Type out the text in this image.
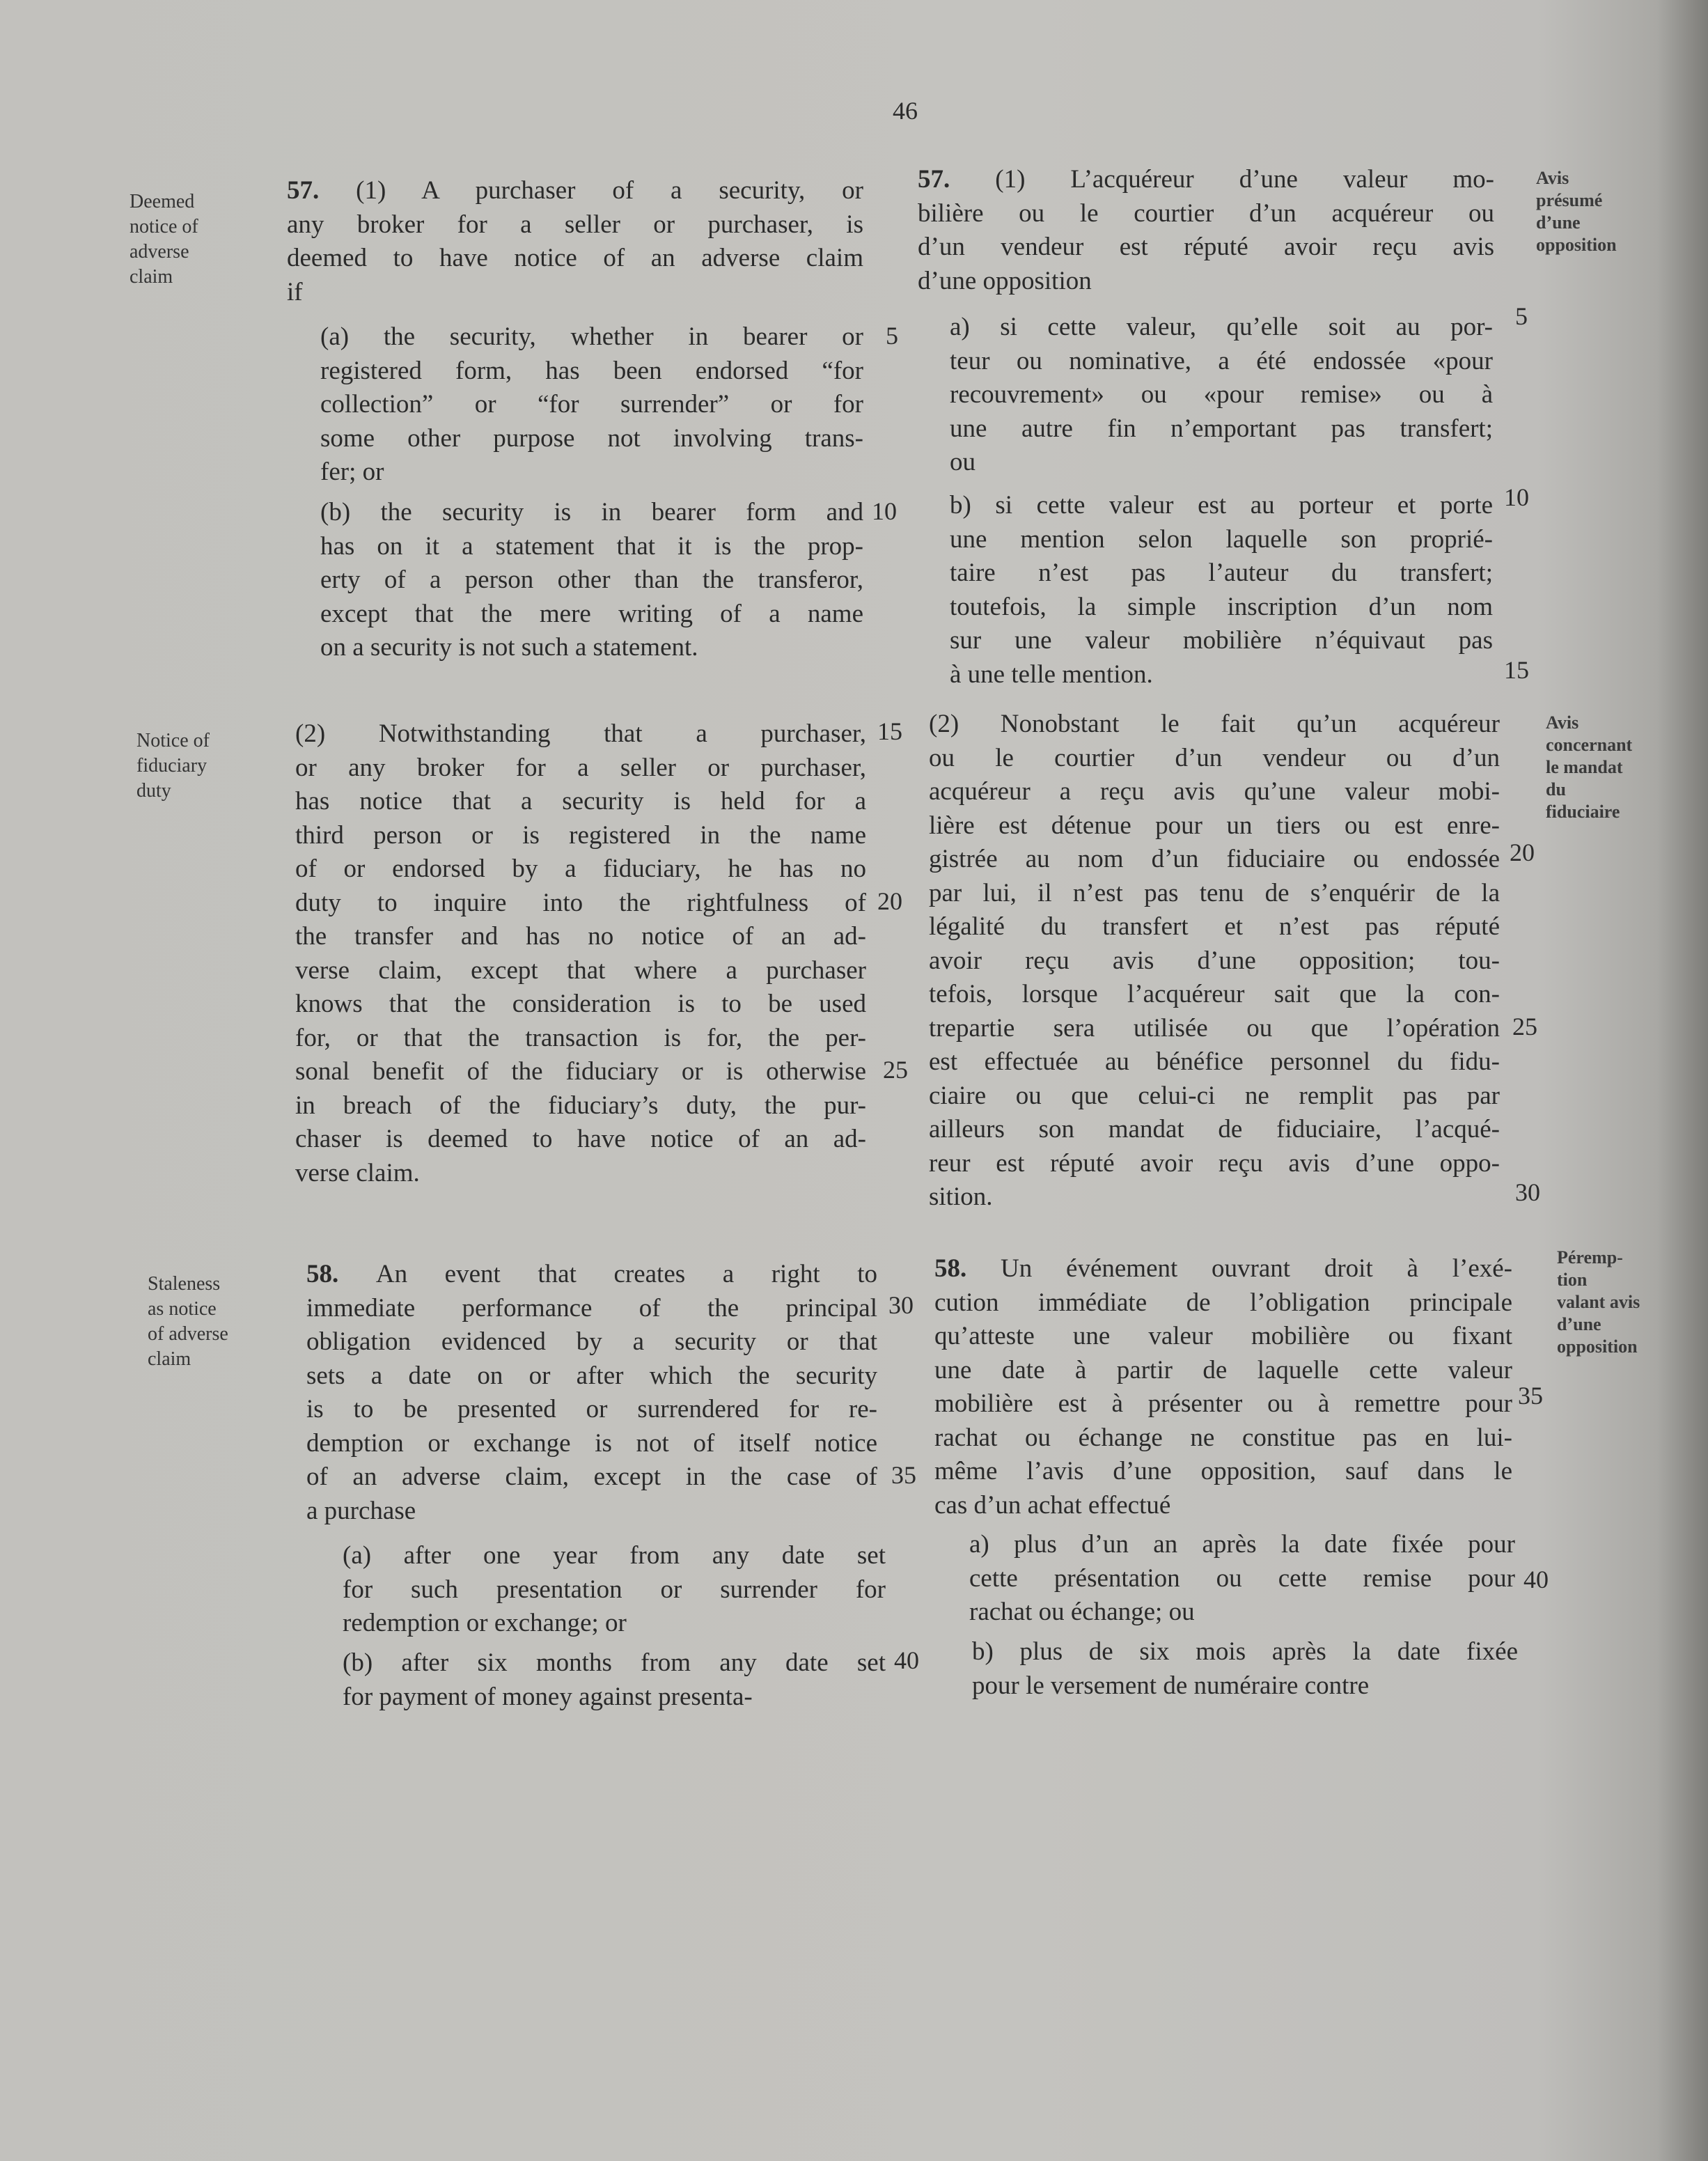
46
Deemed
notice of
adverse
claim
Notice of
fiduciary
duty
Staleness
as notice
of adverse
claim
Avis
présumé
d’une
opposition
Avis
concernant
le mandat
du
fiduciaire
Péremp-
tion
valant avis
d’une
opposition
57. (1) A purchaser of a security, or
any broker for a seller or purchaser, is
deemed to have notice of an adverse claim
if
(a) the security, whether in bearer or
registered form, has been endorsed “for
collection” or “for surrender” or for
some other purpose not involving trans-
fer; or
(b) the security is in bearer form and
has on it a statement that it is the prop-
erty of a person other than the transferor,
except that the mere writing of a name
on a security is not such a statement.
(2) Notwithstanding that a purchaser,
or any broker for a seller or purchaser,
has notice that a security is held for a
third person or is registered in the name
of or endorsed by a fiduciary, he has no
duty to inquire into the rightfulness of
the transfer and has no notice of an ad-
verse claim, except that where a purchaser
knows that the consideration is to be used
for, or that the transaction is for, the per-
sonal benefit of the fiduciary or is otherwise
in breach of the fiduciary’s duty, the pur-
chaser is deemed to have notice of an ad-
verse claim.
58. An event that creates a right to
immediate performance of the principal
obligation evidenced by a security or that
sets a date on or after which the security
is to be presented or surrendered for re-
demption or exchange is not of itself notice
of an adverse claim, except in the case of
a purchase
(a) after one year from any date set
for such presentation or surrender for
redemption or exchange; or
(b) after six months from any date set
for payment of money against presenta-
5
10
15
20
25
30
35
40
57. (1) L’acquéreur d’une valeur mo-
bilière ou le courtier d’un acquéreur ou
d’un vendeur est réputé avoir reçu avis
d’une opposition
a) si cette valeur, qu’elle soit au por-
teur ou nominative, a été endossée «pour
recouvrement» ou «pour remise» ou à
une autre fin n’emportant pas transfert;
ou
b) si cette valeur est au porteur et porte
une mention selon laquelle son proprié-
taire n’est pas l’auteur du transfert;
toutefois, la simple inscription d’un nom
sur une valeur mobilière n’équivaut pas
à une telle mention.
(2) Nonobstant le fait qu’un acquéreur
ou le courtier d’un vendeur ou d’un
acquéreur a reçu avis qu’une valeur mobi-
lière est détenue pour un tiers ou est enre-
gistrée au nom d’un fiduciaire ou endossée
par lui, il n’est pas tenu de s’enquérir de la
légalité du transfert et n’est pas réputé
avoir reçu avis d’une opposition; tou-
tefois, lorsque l’acquéreur sait que la con-
trepartie sera utilisée ou que l’opération
est effectuée au bénéfice personnel du fidu-
ciaire ou que celui-ci ne remplit pas par
ailleurs son mandat de fiduciaire, l’acqué-
reur est réputé avoir reçu avis d’une oppo-
sition.
58. Un événement ouvrant droit à l’exé-
cution immédiate de l’obligation principale
qu’atteste une valeur mobilière ou fixant
une date à partir de laquelle cette valeur
mobilière est à présenter ou à remettre pour
rachat ou échange ne constitue pas en lui-
même l’avis d’une opposition, sauf dans le
cas d’un achat effectué
a) plus d’un an après la date fixée pour
cette présentation ou cette remise pour
rachat ou échange; ou
b) plus de six mois après la date fixée
pour le versement de numéraire contre
5
10
15
20
25
30
35
40
